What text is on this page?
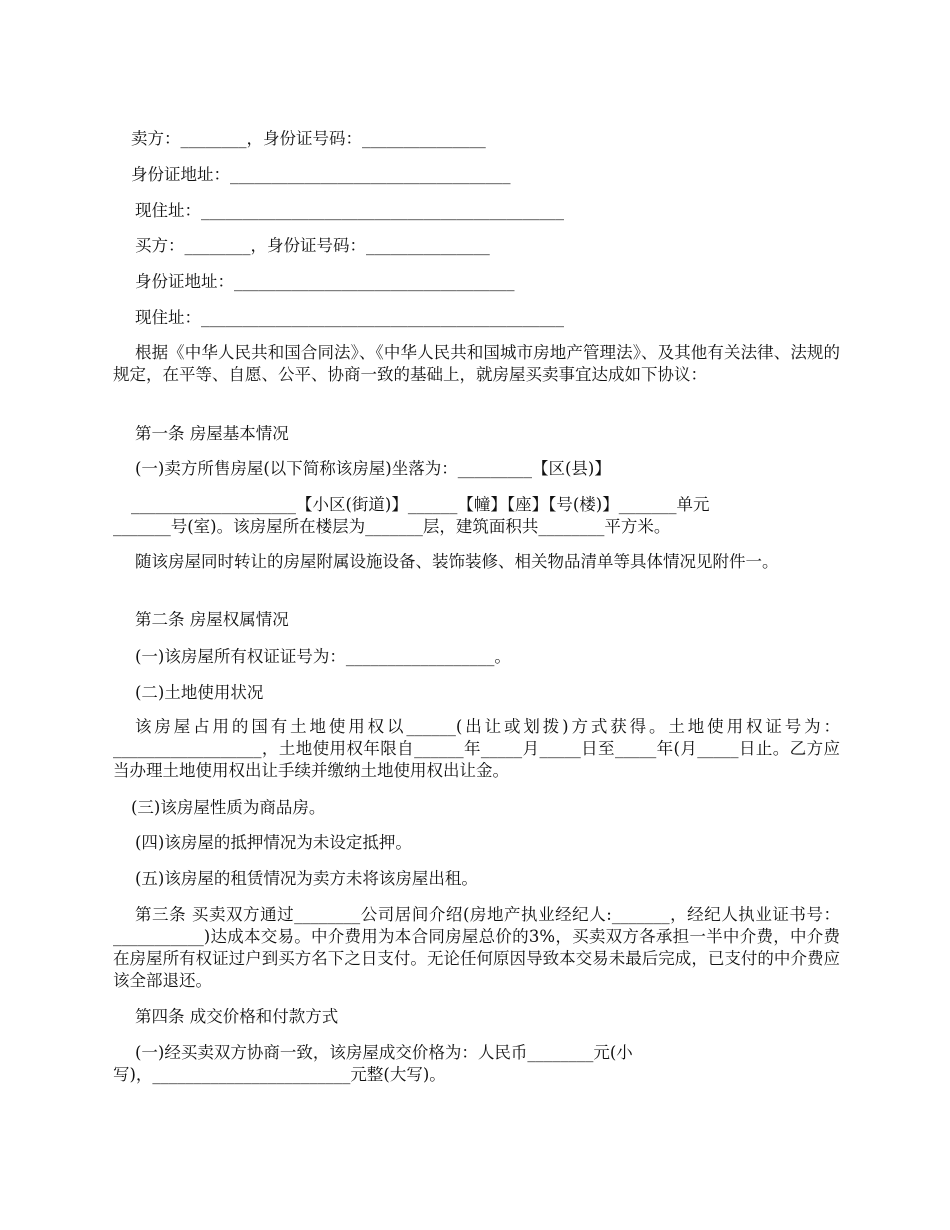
卖方：________，身份证号码：_______________
身份证地址：__________________________________
现住址：____________________________________________
买方：________，身份证号码：_______________
身份证地址：__________________________________
现住址：____________________________________________
根据《中华人民共和国合同法》、《中华人民共和国城市房地产管理法》、及其他有关法律、法规的规定，在平等、自愿、公平、协商一致的基础上，就房屋买卖事宜达成如下协议：
第一条 房屋基本情况
(一)卖方所售房屋(以下简称该房屋)坐落为：_________【区(县)】
____________________【小区(街道)】______【幢】【座】【号(楼)】_______单元
_______号(室)。该房屋所在楼层为_______层，建筑面积共________平方米。
随该房屋同时转让的房屋附属设施设备、装饰装修、相关物品清单等具体情况见附件一。
第二条 房屋权属情况
(一)该房屋所有权证证号为：__________________。
(二)土地使用状况
该房屋占用的国有土地使用权以______(出让或划拨)方式获得。土地使用权证号为：__________________，土地使用权年限自______年_____月_____日至_____年(月_____日止。乙方应当办理土地使用权出让手续并缴纳土地使用权出让金。
(三)该房屋性质为商品房。
(四)该房屋的抵押情况为未设定抵押。
(五)该房屋的租赁情况为卖方未将该房屋出租。
第三条 买卖双方通过________公司居间介绍(房地产执业经纪人:_______，经纪人执业证书号：___________)达成本交易。中介费用为本合同房屋总价的3%，买卖双方各承担一半中介费，中介费在房屋所有权证过户到买方名下之日支付。无论任何原因导致本交易未最后完成，已支付的中介费应该全部退还。
第四条 成交价格和付款方式
(一)经买卖双方协商一致，该房屋成交价格为：人民币________元(小
写)，________________________元整(大写)。
